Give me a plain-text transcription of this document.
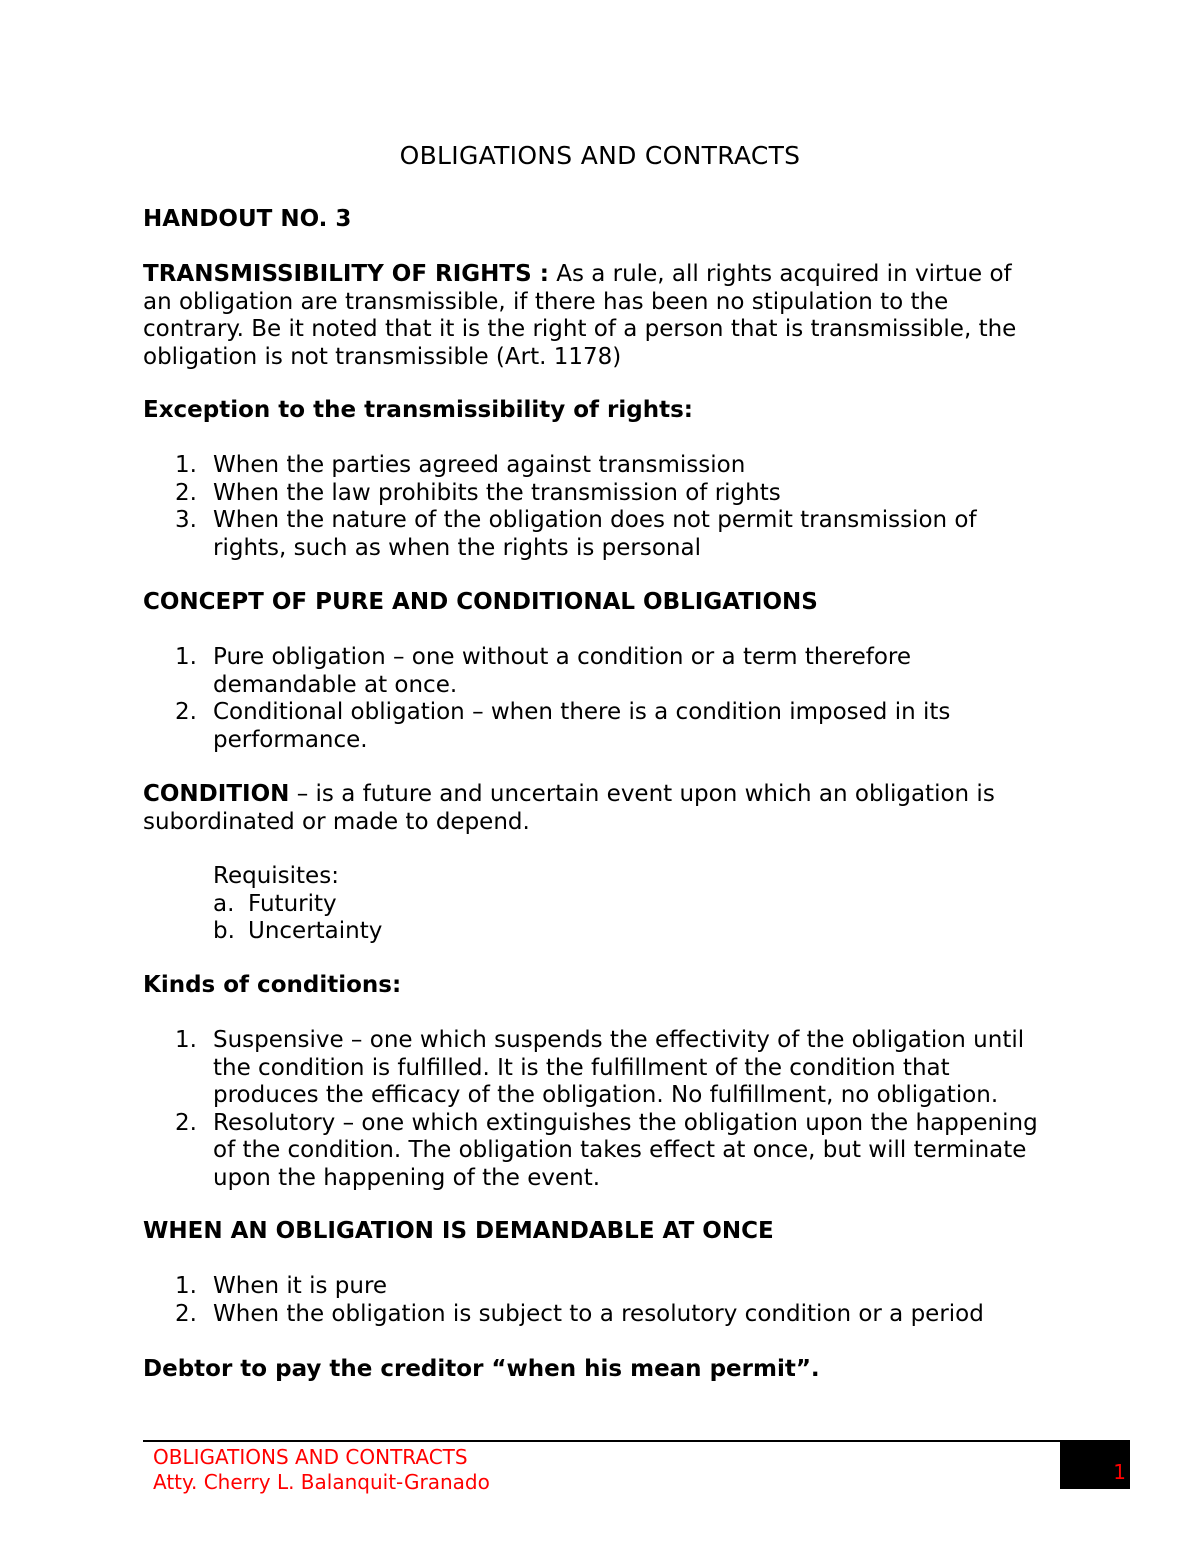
OBLIGATIONS AND CONTRACTS
HANDOUT NO. 3
TRANSMISSIBILITY OF RIGHTS : As a rule, all rights acquired in virtue of
an obligation are transmissible, if there has been no stipulation to the
contrary. Be it noted that it is the right of a person that is transmissible, the
obligation is not transmissible (Art. 1178)
Exception to the transmissibility of rights:
1. When the parties agreed against transmission
2. When the law prohibits the transmission of rights
3. When the nature of the obligation does not permit transmission of
rights, such as when the rights is personal
CONCEPT OF PURE AND CONDITIONAL OBLIGATIONS
1. Pure obligation – one without a condition or a term therefore
demandable at once.
2. Conditional obligation – when there is a condition imposed in its
performance.
CONDITION – is a future and uncertain event upon which an obligation is
subordinated or made to depend.
Requisites:
a. Futurity
b. Uncertainty
Kinds of conditions:
1. Suspensive – one which suspends the effectivity of the obligation until
the condition is fulfilled. It is the fulfillment of the condition that
produces the efficacy of the obligation. No fulfillment, no obligation.
2. Resolutory – one which extinguishes the obligation upon the happening
of the condition. The obligation takes effect at once, but will terminate
upon the happening of the event.
WHEN AN OBLIGATION IS DEMANDABLE AT ONCE
1. When it is pure
2. When the obligation is subject to a resolutory condition or a period
Debtor to pay the creditor “when his mean permit”.
OBLIGATIONS AND CONTRACTS
Atty. Cherry L. Balanquit-Granado	1
